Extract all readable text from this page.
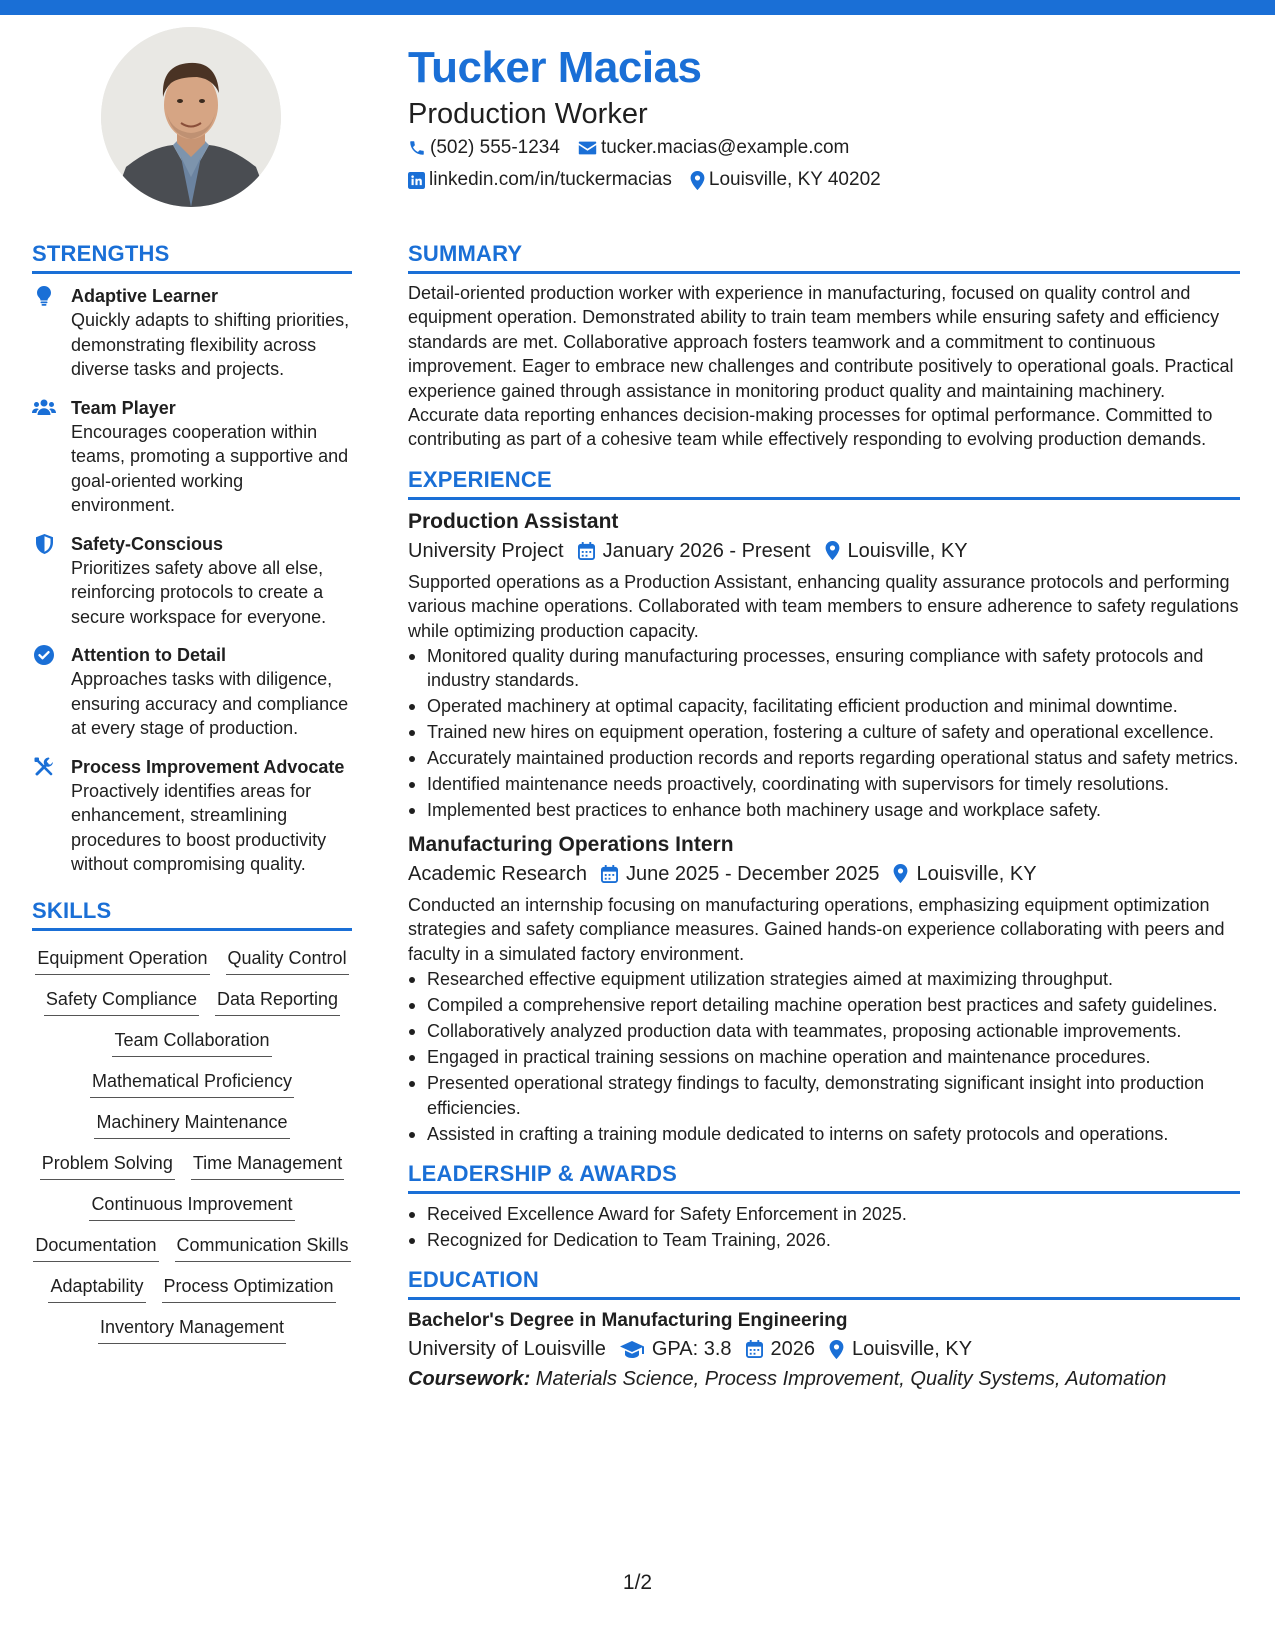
Tucker Macias
Production Worker
(502) 555-1234 tucker.macias@example.com
linkedin.com/in/tuckermacias Louisville, KY 40202
STRENGTHS
Adaptive Learner
Quickly adapts to shifting priorities, demonstrating flexibility across diverse tasks and projects.
Team Player
Encourages cooperation within teams, promoting a supportive and goal-oriented working environment.
Safety-Conscious
Prioritizes safety above all else, reinforcing protocols to create a secure workspace for everyone.
Attention to Detail
Approaches tasks with diligence, ensuring accuracy and compliance at every stage of production.
Process Improvement Advocate
Proactively identifies areas for enhancement, streamlining procedures to boost productivity without compromising quality.
SKILLS
Equipment Operation Quality Control
Safety Compliance Data Reporting
Team Collaboration
Mathematical Proficiency
Machinery Maintenance
Problem Solving Time Management
Continuous Improvement
Documentation Communication Skills
Adaptability Process Optimization
Inventory Management
SUMMARY
Detail-oriented production worker with experience in manufacturing, focused on quality control and equipment operation. Demonstrated ability to train team members while ensuring safety and efficiency standards are met. Collaborative approach fosters teamwork and a commitment to continuous improvement. Eager to embrace new challenges and contribute positively to operational goals. Practical experience gained through assistance in monitoring product quality and maintaining machinery. Accurate data reporting enhances decision-making processes for optimal performance. Committed to contributing as part of a cohesive team while effectively responding to evolving production demands.
EXPERIENCE
Production Assistant
University Project January 2026 - Present Louisville, KY
Supported operations as a Production Assistant, enhancing quality assurance protocols and performing various machine operations. Collaborated with team members to ensure adherence to safety regulations while optimizing production capacity.
Monitored quality during manufacturing processes, ensuring compliance with safety protocols and industry standards.
Operated machinery at optimal capacity, facilitating efficient production and minimal downtime.
Trained new hires on equipment operation, fostering a culture of safety and operational excellence.
Accurately maintained production records and reports regarding operational status and safety metrics.
Identified maintenance needs proactively, coordinating with supervisors for timely resolutions.
Implemented best practices to enhance both machinery usage and workplace safety.
Manufacturing Operations Intern
Academic Research June 2025 - December 2025 Louisville, KY
Conducted an internship focusing on manufacturing operations, emphasizing equipment optimization strategies and safety compliance measures. Gained hands-on experience collaborating with peers and faculty in a simulated factory environment.
Researched effective equipment utilization strategies aimed at maximizing throughput.
Compiled a comprehensive report detailing machine operation best practices and safety guidelines.
Collaboratively analyzed production data with teammates, proposing actionable improvements.
Engaged in practical training sessions on machine operation and maintenance procedures.
Presented operational strategy findings to faculty, demonstrating significant insight into production efficiencies.
Assisted in crafting a training module dedicated to interns on safety protocols and operations.
LEADERSHIP & AWARDS
Received Excellence Award for Safety Enforcement in 2025.
Recognized for Dedication to Team Training, 2026.
EDUCATION
Bachelor's Degree in Manufacturing Engineering
University of Louisville GPA: 3.8 2026 Louisville, KY
Coursework: Materials Science, Process Improvement, Quality Systems, Automation
1/2
